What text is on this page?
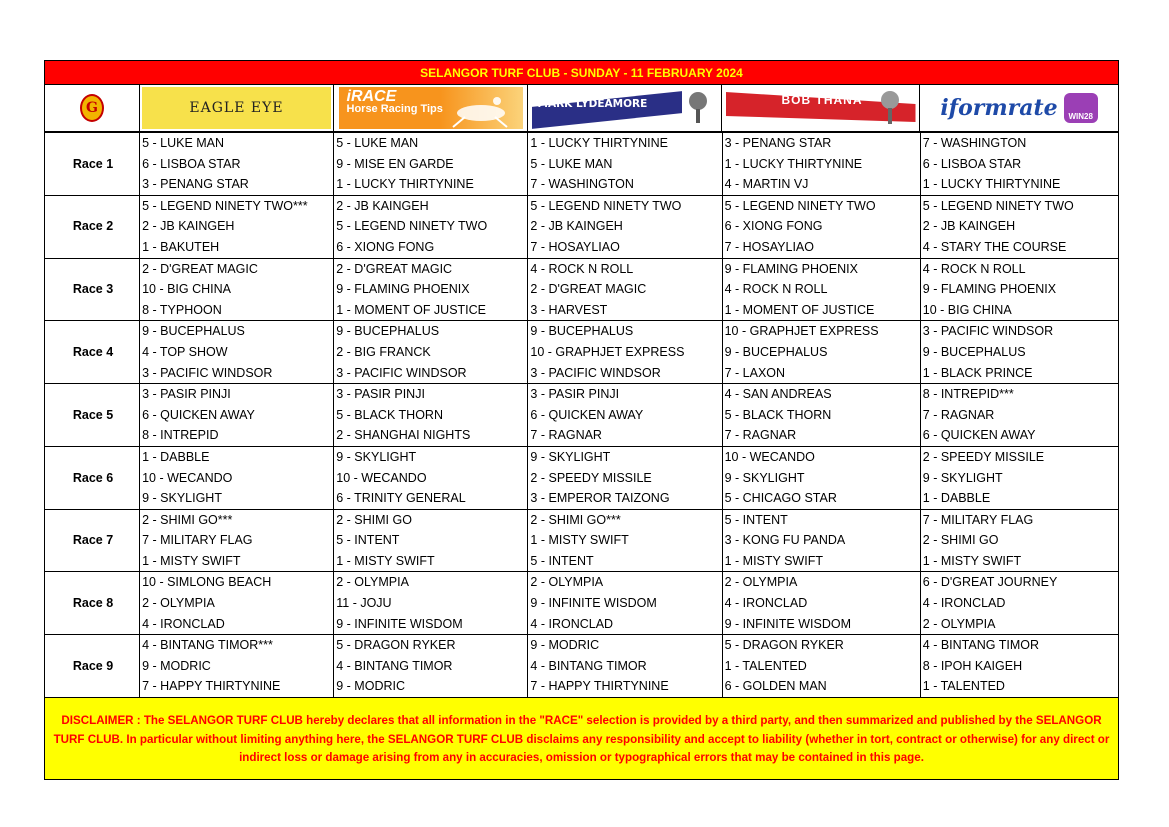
SELANGOR TURF CLUB - SUNDAY - 11 FEBRUARY 2024
G	EAGLE EYE
iRACE
Horse Racing Tips	MARK LYDEAMORE	BOB THANA	iformrate	WIN28
Race 1	5 - LUKE MAN	5 - LUKE MAN	1 - LUCKY THIRTYNINE	3 - PENANG STAR	7 - WASHINGTON
	6 - LISBOA STAR	9 - MISE EN GARDE	5 - LUKE MAN	1 - LUCKY THIRTYNINE	6 - LISBOA STAR
	3 - PENANG STAR	1 - LUCKY THIRTYNINE	7 - WASHINGTON	4 - MARTIN VJ	1 - LUCKY THIRTYNINE
Race 2	5 - LEGEND NINETY TWO***	2 - JB KAINGEH	5 - LEGEND NINETY TWO	5 - LEGEND NINETY TWO	5 - LEGEND NINETY TWO
	2 - JB KAINGEH	5 - LEGEND NINETY TWO	2 - JB KAINGEH	6 - XIONG FONG	2 - JB KAINGEH
	1 - BAKUTEH	6 - XIONG FONG	7 - HOSAYLIAO	7 - HOSAYLIAO	4 - STARY THE COURSE
Race 3	2 - D'GREAT MAGIC	2 - D'GREAT MAGIC	4 - ROCK N ROLL	9 - FLAMING PHOENIX	4 - ROCK N ROLL
	10 - BIG CHINA	9 - FLAMING PHOENIX	2 - D'GREAT MAGIC	4 - ROCK N ROLL	9 - FLAMING PHOENIX
	8 - TYPHOON	1 - MOMENT OF JUSTICE	3 - HARVEST	1 - MOMENT OF JUSTICE	10 - BIG CHINA
Race 4	9 - BUCEPHALUS	9 - BUCEPHALUS	9 - BUCEPHALUS	10 - GRAPHJET EXPRESS	3 - PACIFIC WINDSOR
	4 - TOP SHOW	2 - BIG FRANCK	10 - GRAPHJET EXPRESS	9 - BUCEPHALUS	9 - BUCEPHALUS
	3 - PACIFIC WINDSOR	3 - PACIFIC WINDSOR	3 - PACIFIC WINDSOR	7 - LAXON	1 - BLACK PRINCE
Race 5	3 - PASIR PINJI	3 - PASIR PINJI	3 - PASIR PINJI	4 - SAN ANDREAS	8 - INTREPID***
	6 - QUICKEN AWAY	5 - BLACK THORN	6 - QUICKEN AWAY	5 - BLACK THORN	7 - RAGNAR
	8 - INTREPID	2 - SHANGHAI NIGHTS	7 - RAGNAR	7 - RAGNAR	6 - QUICKEN AWAY
Race 6	1 - DABBLE	9 - SKYLIGHT	9 - SKYLIGHT	10 - WECANDO	2 - SPEEDY MISSILE
	10 - WECANDO	10 - WECANDO	2 - SPEEDY MISSILE	9 - SKYLIGHT	9 - SKYLIGHT
	9 - SKYLIGHT	6 - TRINITY GENERAL	3 - EMPEROR TAIZONG	5 - CHICAGO STAR	1 - DABBLE
Race 7	2 - SHIMI GO***	2 - SHIMI GO	2 - SHIMI GO***	5 - INTENT	7 - MILITARY FLAG
	7 - MILITARY FLAG	5 - INTENT	1 - MISTY SWIFT	3 - KONG FU PANDA	2 - SHIMI GO
	1 - MISTY SWIFT	1 - MISTY SWIFT	5 - INTENT	1 - MISTY SWIFT	1 - MISTY SWIFT
Race 8	10 - SIMLONG BEACH	2 - OLYMPIA	2 - OLYMPIA	2 - OLYMPIA	6 - D'GREAT JOURNEY
	2 - OLYMPIA	11 - JOJU	9 - INFINITE WISDOM	4 - IRONCLAD	4 - IRONCLAD
	4 - IRONCLAD	9 - INFINITE WISDOM	4 - IRONCLAD	9 - INFINITE WISDOM	2 - OLYMPIA
Race 9	4 - BINTANG TIMOR***	5 - DRAGON RYKER	9 - MODRIC	5 - DRAGON RYKER	4 - BINTANG TIMOR
	9 - MODRIC	4 - BINTANG TIMOR	4 - BINTANG TIMOR	1 - TALENTED	8 - IPOH KAIGEH
	7 - HAPPY THIRTYNINE	9 - MODRIC	7 - HAPPY THIRTYNINE	6 - GOLDEN MAN	1 - TALENTED
DISCLAIMER : The SELANGOR TURF CLUB hereby declares that all information in the "RACE" selection is provided by a third party, and then summarized and published by the SELANGOR TURF CLUB. In particular without limiting anything here, the SELANGOR TURF CLUB disclaims any responsibility and accept to liability (whether in tort, contract or otherwise) for any direct or indirect loss or damage arising from any in accuracies, omission or typographical errors that may be contained in this page.
